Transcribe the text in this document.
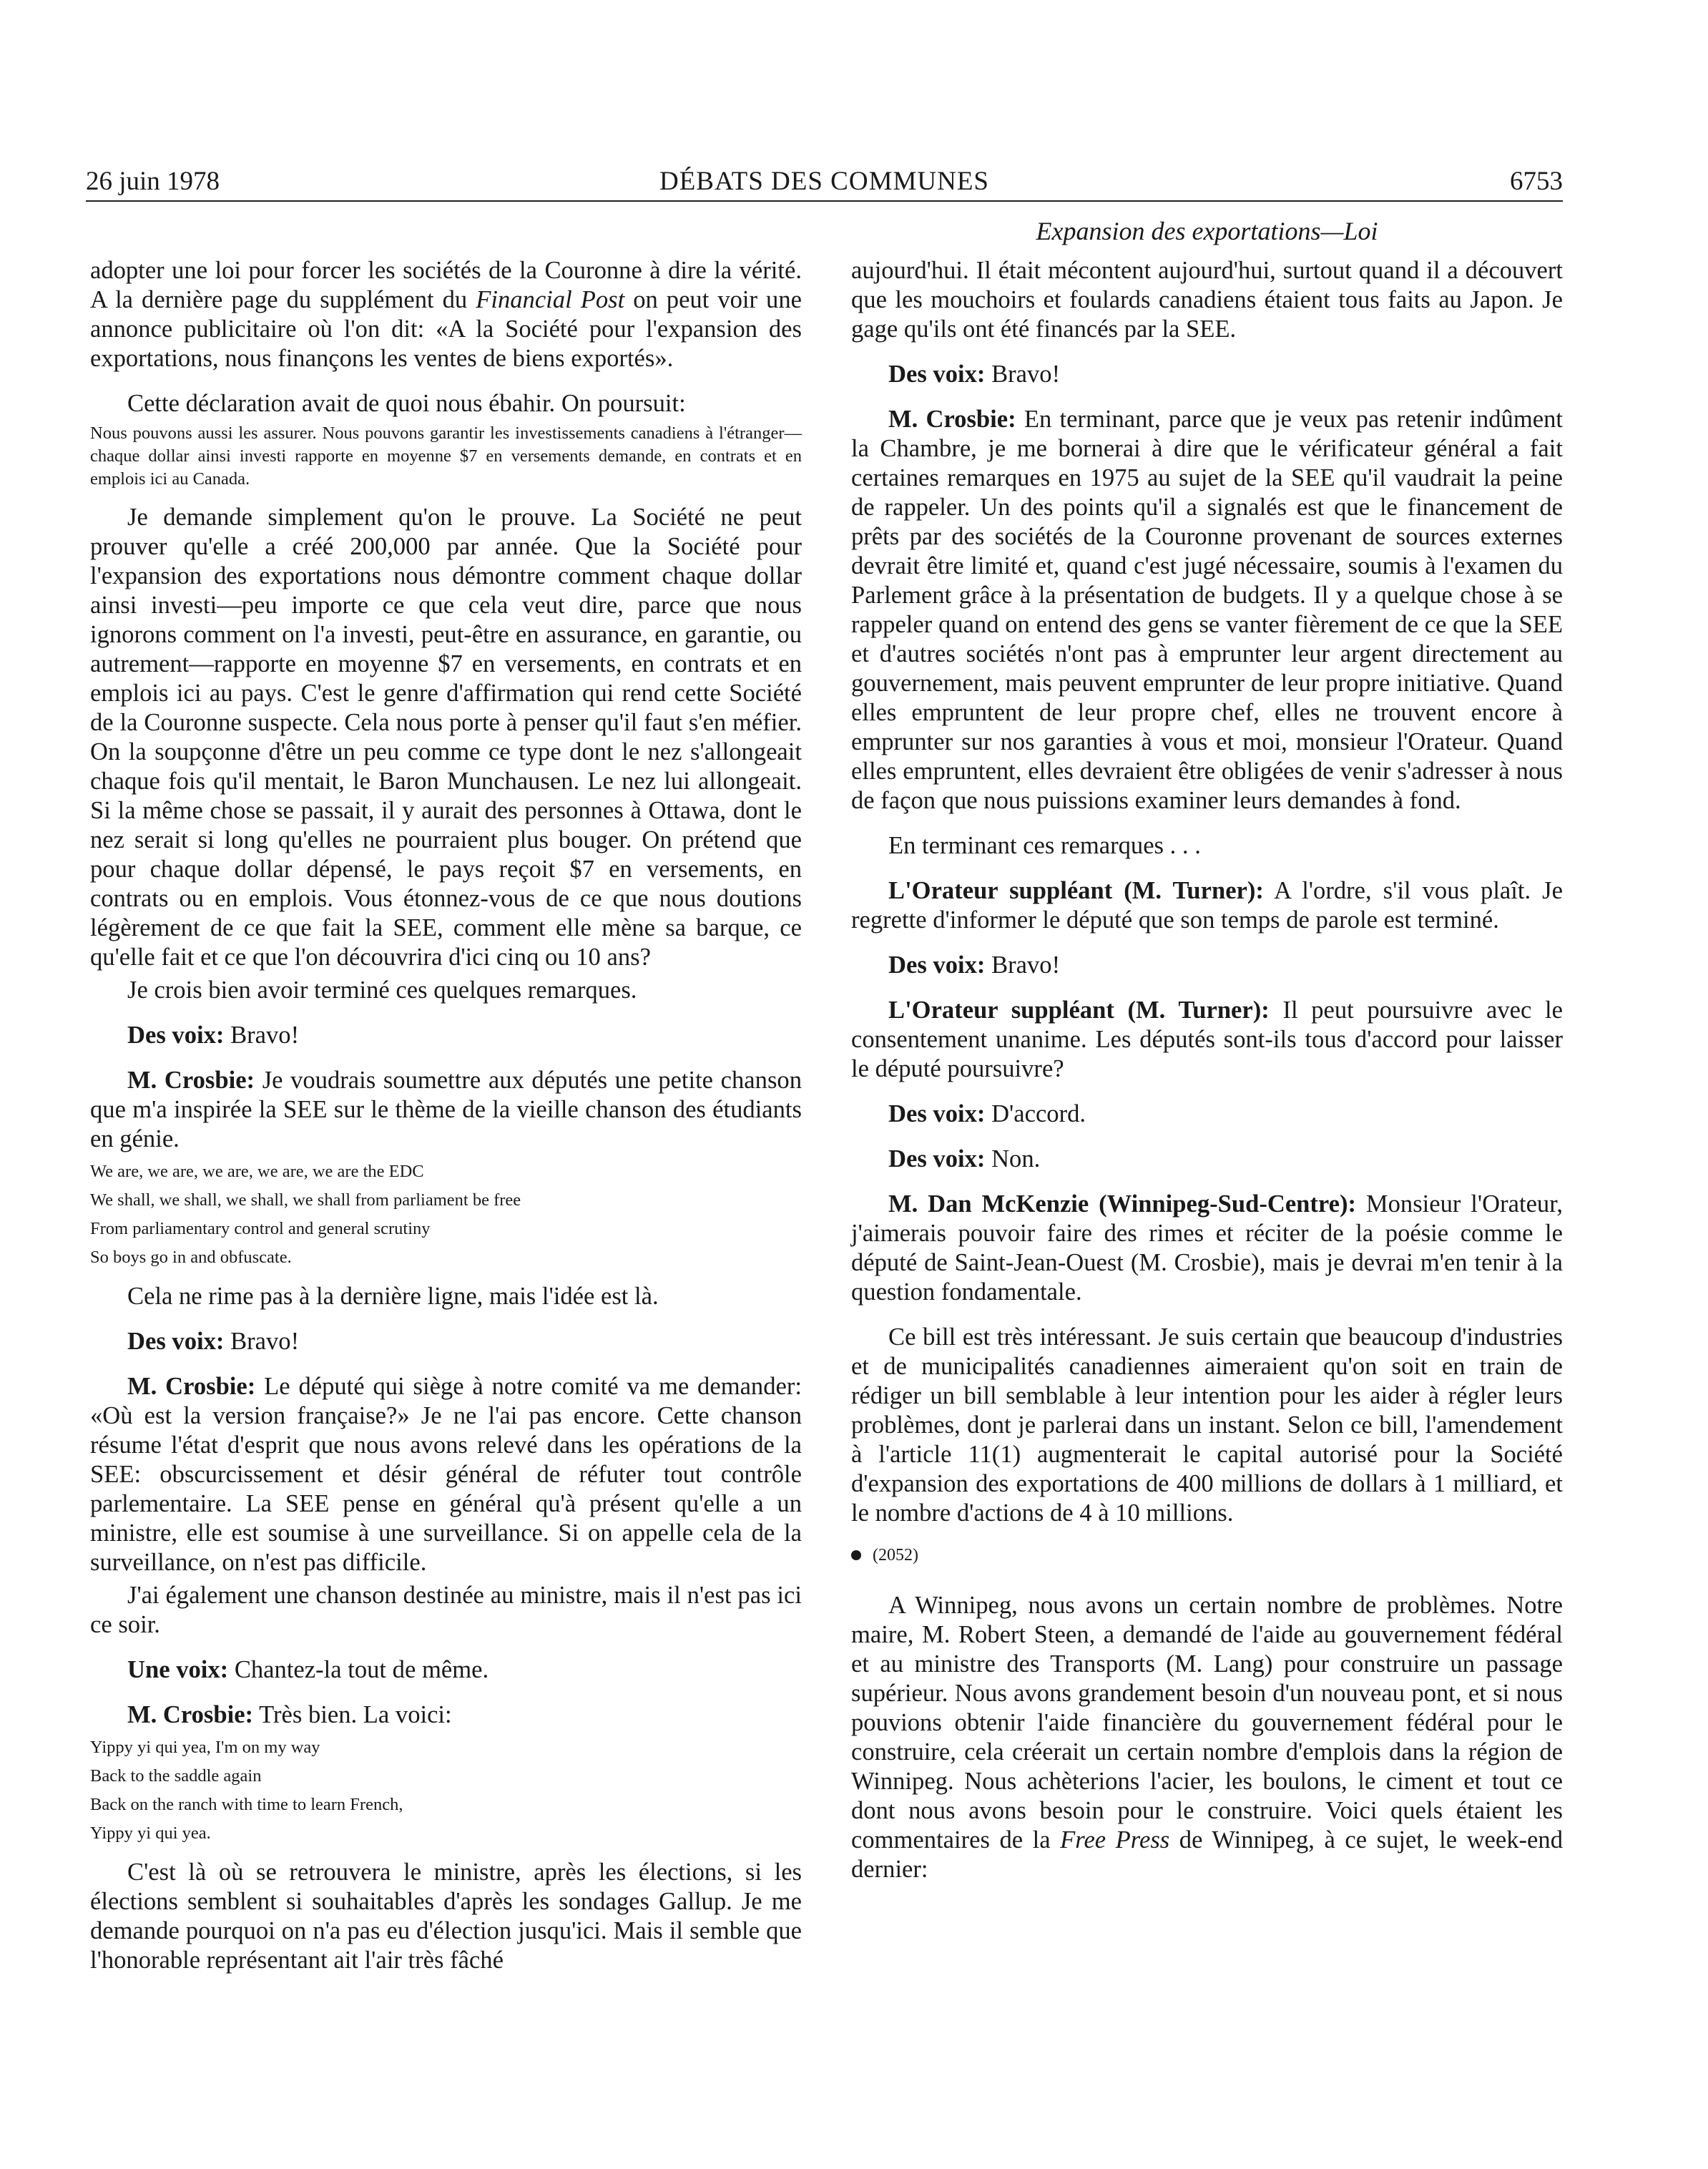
26 juin 1978	DÉBATS DES COMMUNES	6753
Expansion des exportations—Loi

adopter une loi pour forcer les sociétés de la Couronne à dire la vérité. A la dernière page du supplément du Financial Post on peut voir une annonce publicitaire où l'on dit: «A la Société pour l'expansion des exportations, nous finançons les ventes de biens exportés».

Cette déclaration avait de quoi nous ébahir. On poursuit:

Nous pouvons aussi les assurer. Nous pouvons garantir les investissements canadiens à l'étranger—chaque dollar ainsi investi rapporte en moyenne $7 en versements demande, en contrats et en emplois ici au Canada.

Je demande simplement qu'on le prouve. La Société ne peut prouver qu'elle a créé 200,000 par année. Que la Société pour l'expansion des exportations nous démontre comment chaque dollar ainsi investi—peu importe ce que cela veut dire, parce que nous ignorons comment on l'a investi, peut-être en assurance, en garantie, ou autrement—rapporte en moyenne $7 en versements, en contrats et en emplois ici au pays. C'est le genre d'affirmation qui rend cette Société de la Couronne suspecte. Cela nous porte à penser qu'il faut s'en méfier. On la soupçonne d'être un peu comme ce type dont le nez s'allongeait chaque fois qu'il mentait, le Baron Munchausen. Le nez lui allongeait. Si la même chose se passait, il y aurait des personnes à Ottawa, dont le nez serait si long qu'elles ne pourraient plus bouger. On prétend que pour chaque dollar dépensé, le pays reçoit $7 en versements, en contrats ou en emplois. Vous étonnez-vous de ce que nous doutions légèrement de ce que fait la SEE, comment elle mène sa barque, ce qu'elle fait et ce que l'on découvrira d'ici cinq ou 10 ans?

Je crois bien avoir terminé ces quelques remarques.

Des voix: Bravo!

M. Crosbie: Je voudrais soumettre aux députés une petite chanson que m'a inspirée la SEE sur le thème de la vieille chanson des étudiants en génie.

We are, we are, we are, we are, we are the EDC

We shall, we shall, we shall, we shall from parliament be free

From parliamentary control and general scrutiny

So boys go in and obfuscate.

Cela ne rime pas à la dernière ligne, mais l'idée est là.

Des voix: Bravo!

M. Crosbie: Le député qui siège à notre comité va me demander: «Où est la version française?» Je ne l'ai pas encore. Cette chanson résume l'état d'esprit que nous avons relevé dans les opérations de la SEE: obscurcissement et désir général de réfuter tout contrôle parlementaire. La SEE pense en général qu'à présent qu'elle a un ministre, elle est soumise à une surveillance. Si on appelle cela de la surveillance, on n'est pas difficile.

J'ai également une chanson destinée au ministre, mais il n'est pas ici ce soir.

Une voix: Chantez-la tout de même.

M. Crosbie: Très bien. La voici:

Yippy yi qui yea, I'm on my way

Back to the saddle again

Back on the ranch with time to learn French,

Yippy yi qui yea.

C'est là où se retrouvera le ministre, après les élections, si les élections semblent si souhaitables d'après les sondages Gallup. Je me demande pourquoi on n'a pas eu d'élection jusqu'ici. Mais il semble que l'honorable représentant ait l'air très fâché

aujourd'hui. Il était mécontent aujourd'hui, surtout quand il a découvert que les mouchoirs et foulards canadiens étaient tous faits au Japon. Je gage qu'ils ont été financés par la SEE.

Des voix: Bravo!

M. Crosbie: En terminant, parce que je veux pas retenir indûment la Chambre, je me bornerai à dire que le vérificateur général a fait certaines remarques en 1975 au sujet de la SEE qu'il vaudrait la peine de rappeler. Un des points qu'il a signalés est que le financement de prêts par des sociétés de la Couronne provenant de sources externes devrait être limité et, quand c'est jugé nécessaire, soumis à l'examen du Parlement grâce à la présentation de budgets. Il y a quelque chose à se rappeler quand on entend des gens se vanter fièrement de ce que la SEE et d'autres sociétés n'ont pas à emprunter leur argent directement au gouvernement, mais peuvent emprunter de leur propre initiative. Quand elles empruntent de leur propre chef, elles ne trouvent encore à emprunter sur nos garanties à vous et moi, monsieur l'Orateur. Quand elles empruntent, elles devraient être obligées de venir s'adresser à nous de façon que nous puissions examiner leurs demandes à fond.

En terminant ces remarques . . .

L'Orateur suppléant (M. Turner): A l'ordre, s'il vous plaît. Je regrette d'informer le député que son temps de parole est terminé.

Des voix: Bravo!

L'Orateur suppléant (M. Turner): Il peut poursuivre avec le consentement unanime. Les députés sont-ils tous d'accord pour laisser le député poursuivre?

Des voix: D'accord.

Des voix: Non.

M. Dan McKenzie (Winnipeg-Sud-Centre): Monsieur l'Orateur, j'aimerais pouvoir faire des rimes et réciter de la poésie comme le député de Saint-Jean-Ouest (M. Crosbie), mais je devrai m'en tenir à la question fondamentale.

Ce bill est très intéressant. Je suis certain que beaucoup d'industries et de municipalités canadiennes aimeraient qu'on soit en train de rédiger un bill semblable à leur intention pour les aider à régler leurs problèmes, dont je parlerai dans un instant. Selon ce bill, l'amendement à l'article 11(1) augmenterait le capital autorisé pour la Société d'expansion des exportations de 400 millions de dollars à 1 milliard, et le nombre d'actions de 4 à 10 millions.

(2052)

A Winnipeg, nous avons un certain nombre de problèmes. Notre maire, M. Robert Steen, a demandé de l'aide au gouvernement fédéral et au ministre des Transports (M. Lang) pour construire un passage supérieur. Nous avons grandement besoin d'un nouveau pont, et si nous pouvions obtenir l'aide financière du gouvernement fédéral pour le construire, cela créerait un certain nombre d'emplois dans la région de Winnipeg. Nous achèterions l'acier, les boulons, le ciment et tout ce dont nous avons besoin pour le construire. Voici quels étaient les commentaires de la Free Press de Winnipeg, à ce sujet, le week-end dernier:
